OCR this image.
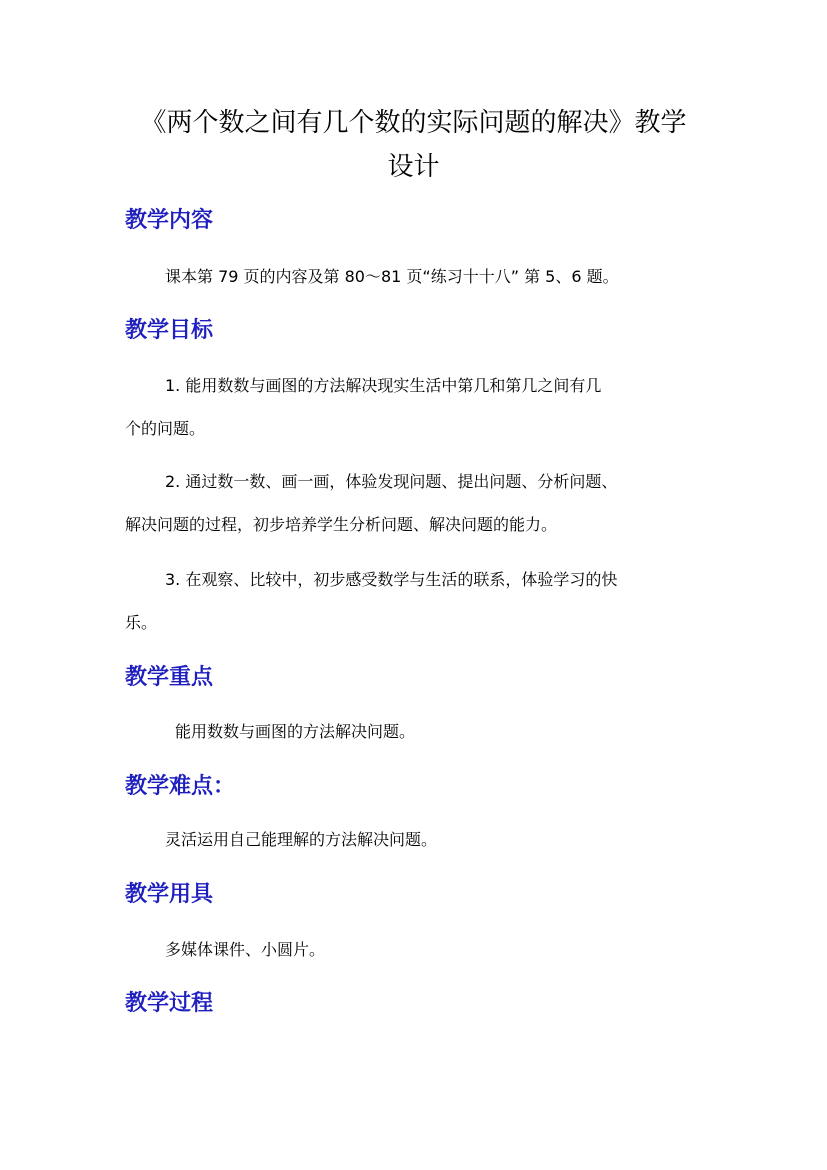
《两个数之间有几个数的实际问题的解决》教学
设计
教学内容
课本第 79 页的内容及第 80～81 页“练习十十八” 第 5、6 题。
教学目标
1. 能用数数与画图的方法解决现实生活中第几和第几之间有几
个的问题。
2. 通过数一数、画一画，体验发现问题、提出问题、分析问题、
解决问题的过程，初步培养学生分析问题、解决问题的能力。
3. 在观察、比较中，初步感受数学与生活的联系，体验学习的快
乐。
教学重点
能用数数与画图的方法解决问题。
教学难点：
灵活运用自己能理解的方法解决问题。
教学用具
多媒体课件、小圆片。
教学过程
